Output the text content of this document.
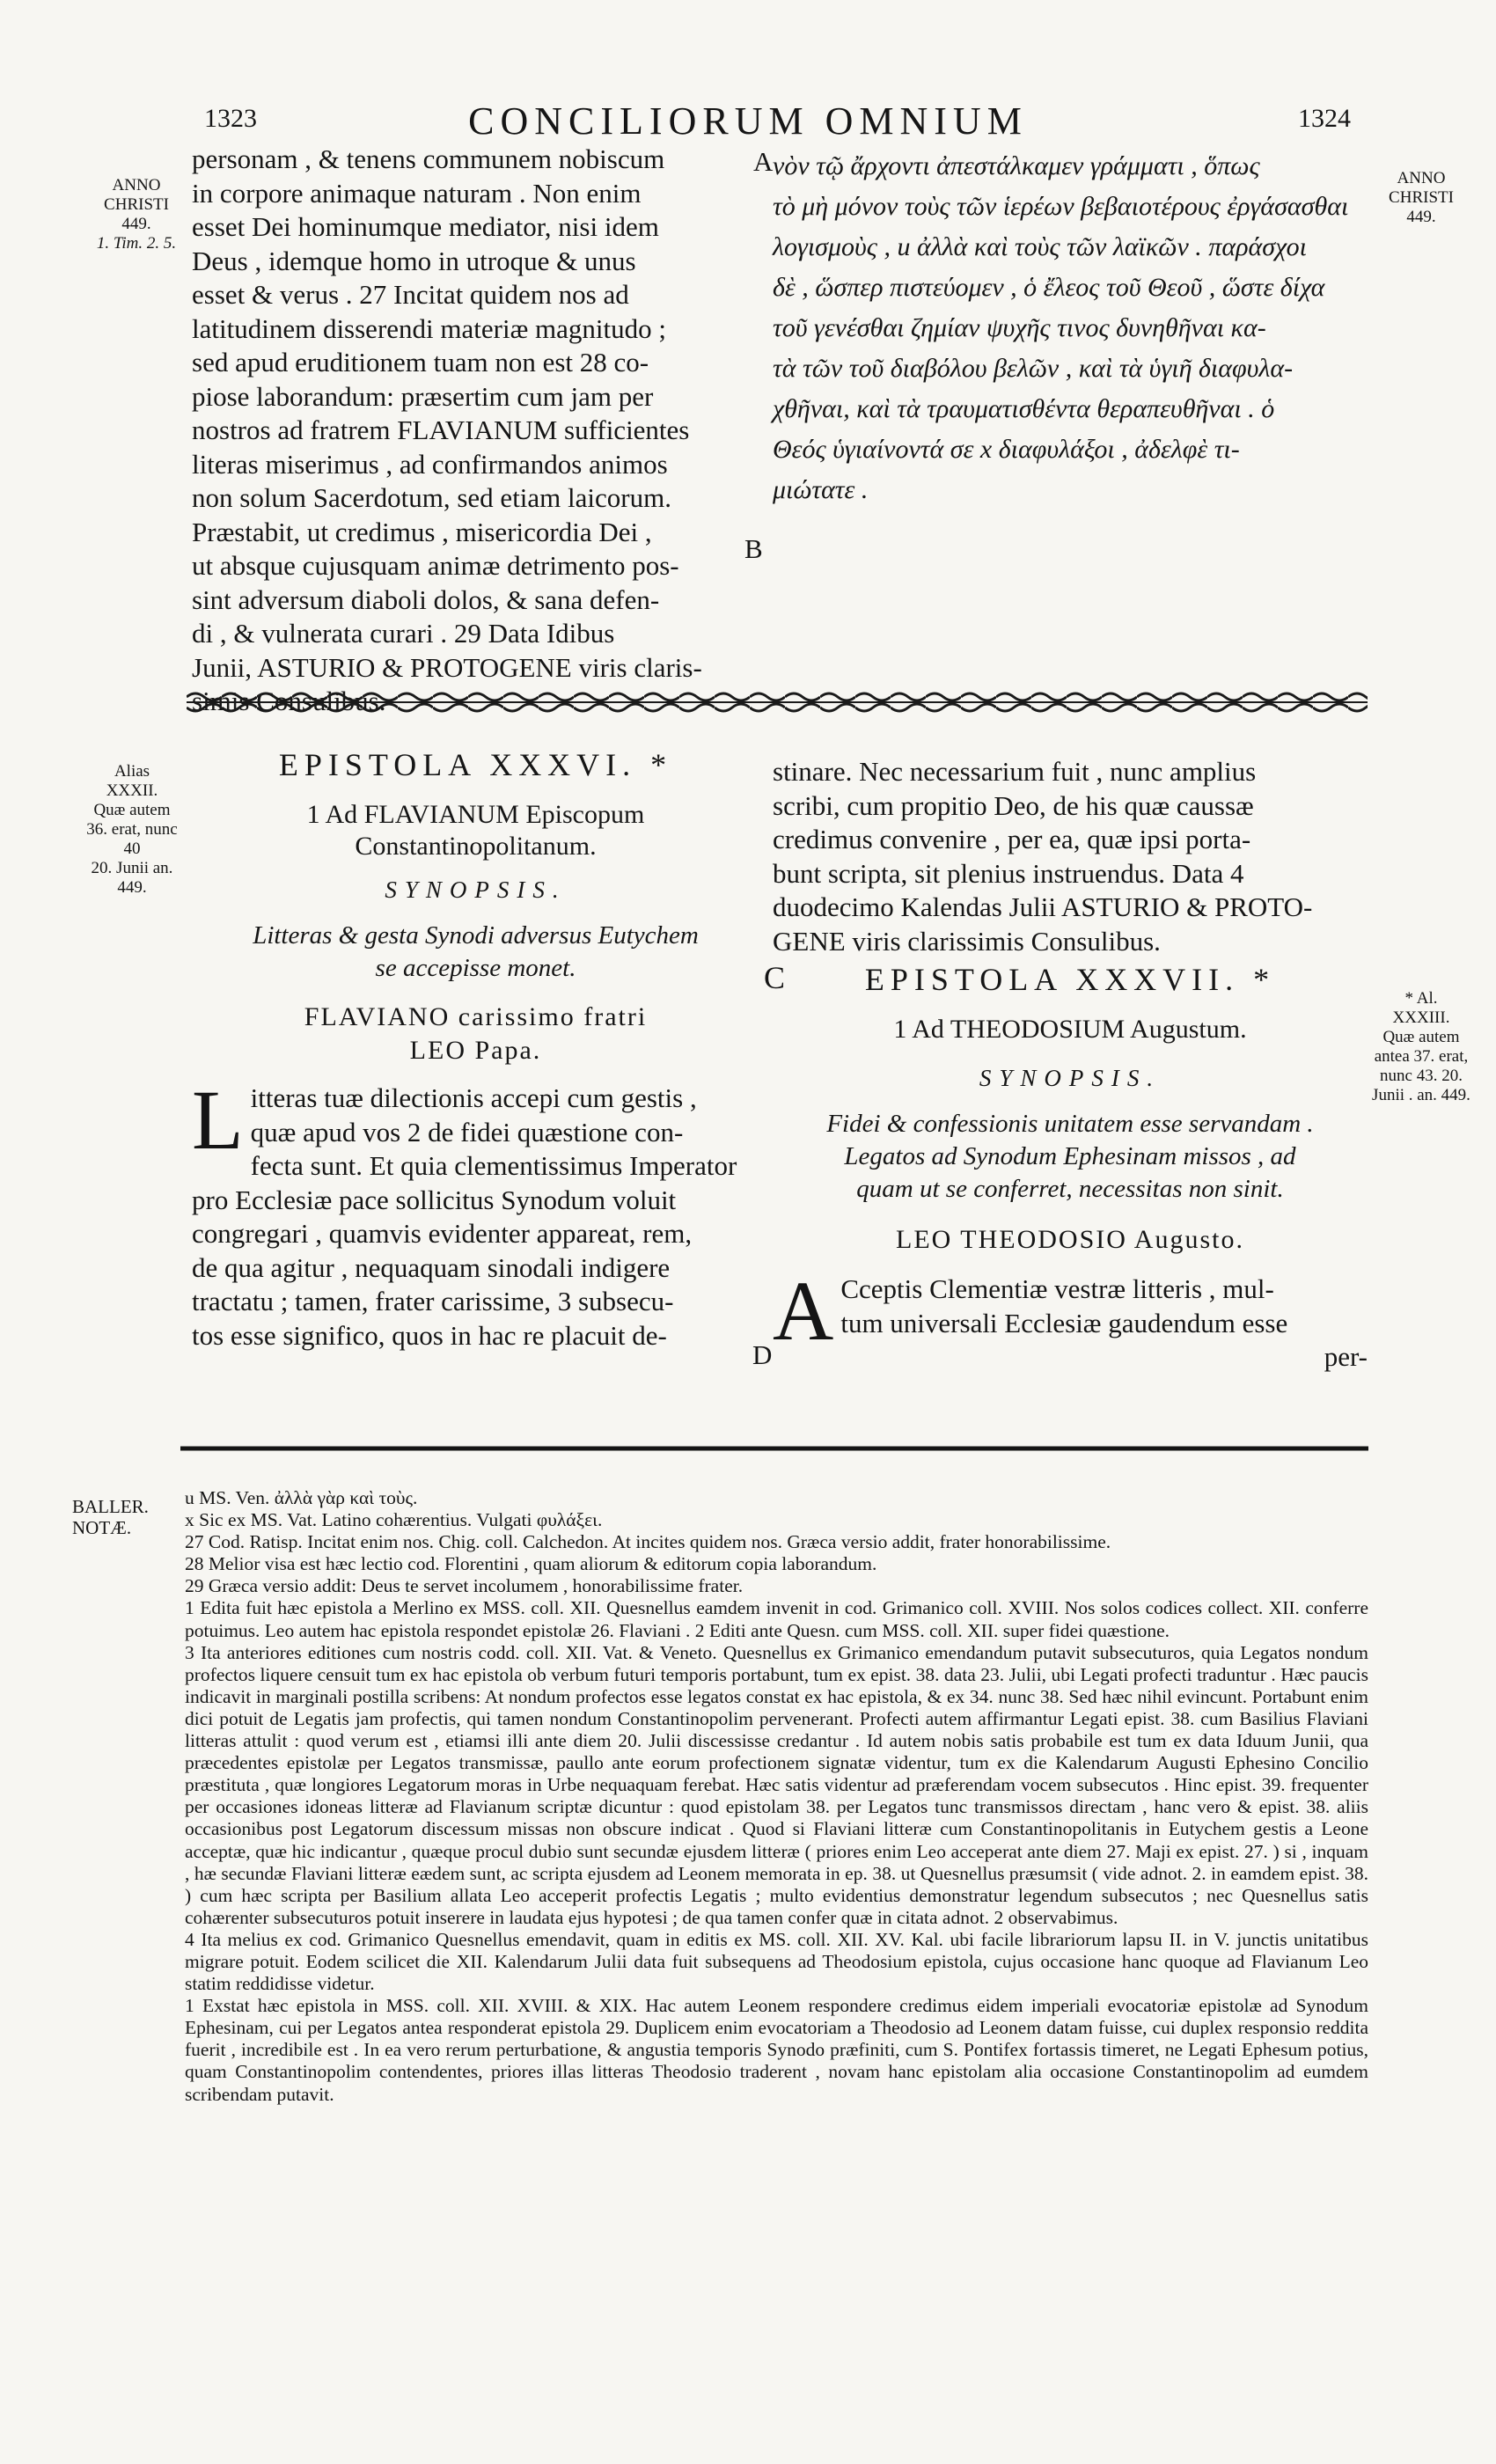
1323	CONCILIORUM OMNIUM	1324
ANNO
CHRISTI
449.
1. Tim. 2. 5.
ANNO
CHRISTI
449.
personam , & tenens communem nobiscum
in corpore animaque naturam . Non enim
esset Dei hominumque mediator, nisi idem
Deus , idemque homo in utroque & unus
esset & verus . 27 Incitat quidem nos ad
latitudinem disserendi materiæ magnitudo ;
sed apud eruditionem tuam non est 28 co-
piose laborandum: præsertim cum jam per
nostros ad fratrem FLAVIANUM sufficientes
literas miserimus , ad confirmandos animos
non solum Sacerdotum, sed etiam laicorum.
Præstabit, ut credimus , misericordia Dei ,
ut absque cujusquam animæ detrimento pos-
sint adversum diaboli dolos, & sana defen-
di , & vulnerata curari . 29 Data Idibus
Junii, ASTURIO & PROTOGENE viris claris-
A
B
C
D
νὸν τῷ ἄρχοντι ἀπεστάλκαμεν γράμματι , ὅπως
τὸ μὴ μόνον τοὺς τῶν ἱερέων βεβαιοτέρους ἐργάσασθαι
λογισμοὺς , u ἀλλὰ καὶ τοὺς τῶν λαϊκῶν . παράσχοι
δὲ , ὥσπερ πιστεύομεν , ὁ ἔλεος τοῦ Θεοῦ , ὥστε δίχα
τοῦ γενέσθαι ζημίαν ψυχῆς τινος δυνηθῆναι κα-
τὰ τῶν τοῦ διαβόλου βελῶν , καὶ τὰ ὑγιῆ διαφυλα-
χθῆναι, καὶ τὰ τραυματισθέντα θεραπευθῆναι . ὁ
Θεός ὑγιαίνοντά σε x διαφυλάξοι , ἀδελφὲ τι-
μιώτατε .
Alias
XXXII.
Quæ autem
36. erat, nunc
40
20. Junii an.
449.
* Al.
XXXIII.
Quæ autem
antea 37. erat,
nunc 43. 20.
Junii . an. 449.
EPISTOLA XXXVI. *
1 Ad FLAVIANUM Episcopum
Constantinopolitanum.
SYNOPSIS.
Litteras & gesta Synodi adversus Eutychem
se accepisse monet.
FLAVIANO carissimo fratri
LEO Papa.
L itteras tuæ dilectionis accepi cum gestis ,
quæ apud vos 2 de fidei quæstione con-
fecta sunt. Et quia clementissimus Imperator
pro Ecclesiæ pace sollicitus Synodum voluit
congregari , quamvis evidenter appareat, rem,
de qua agitur , nequaquam sinodali indigere
tractatu ; tamen, frater carissime, 3 subsecu-
tos esse significo, quos in hac re placuit de-
stinare. Nec necessarium fuit , nunc amplius
scribi, cum propitio Deo, de his quæ caussæ
credimus convenire , per ea, quæ ipsi porta-
bunt scripta, sit plenius instruendus. Data 4
duodecimo Kalendas Julii ASTURIO & PROTO-
GENE viris clarissimis Consulibus.
EPISTOLA XXXVII. *
1 Ad THEODOSIUM Augustum.
SYNOPSIS.
Fidei & confessionis unitatem esse servandam .
Legatos ad Synodum Ephesinam missos , ad
quam ut se conferret, necessitas non sinit.
LEO THEODOSIO Augusto.
A Cceptis Clementiæ vestræ litteris , mul-
tum universali Ecclesiæ gaudendum esse
per-
BALLER.
NOTÆ.

u MS. Ven. ἀλλὰ γὰρ καὶ τοὺς.

x Sic ex MS. Vat. Latino cohærentius. Vulgati φυλάξει.

27 Cod. Ratisp. Incitat enim nos. Chig. coll. Calchedon. At incites quidem nos. Græca versio addit, frater honorabilissime.

28 Melior visa est hæc lectio cod. Florentini , quam aliorum & editorum copia laborandum.

29 Græca versio addit: Deus te servet incolumem , honorabilissime frater.

1 Edita fuit hæc epistola a Merlino ex MSS. coll. XII. Quesnellus eamdem invenit in cod. Grimanico coll. XVIII. Nos solos codices collect. XII. conferre potuimus. Leo autem hac epistola respondet epistolæ 26. Flaviani . 2 Editi ante Quesn. cum MSS. coll. XII. super fidei quæstione.

3 Ita anteriores editiones cum nostris codd. coll. XII. Vat. & Veneto. Quesnellus ex Grimanico emendandum putavit subsecuturos, quia Legatos nondum profectos liquere censuit tum ex hac epistola ob verbum futuri temporis portabunt, tum ex epist. 38. data 23. Julii, ubi Legati profecti traduntur . Hæc paucis indicavit in marginali postilla scribens: At nondum profectos esse legatos constat ex hac epistola, & ex 34. nunc 38. Sed hæc nihil evincunt. Portabunt enim dici potuit de Legatis jam profectis, qui tamen nondum Constantinopolim pervenerant. Profecti autem affirmantur Legati epist. 38. cum Basilius Flaviani litteras attulit : quod verum est , etiamsi illi ante diem 20. Julii discessisse credantur . Id autem nobis satis probabile est tum ex data Iduum Junii, qua præcedentes epistolæ per Legatos transmissæ, paullo ante eorum profectionem signatæ videntur, tum ex die Kalendarum Augusti Ephesino Concilio præstituta , quæ longiores Legatorum moras in Urbe nequaquam ferebat. Hæc satis videntur ad præferendam vocem subsecutos . Hinc epist. 39. frequenter per occasiones idoneas litteræ ad Flavianum scriptæ dicuntur : quod epistolam 38. per Legatos tunc transmissos directam , hanc vero & epist. 38. aliis occasionibus post Legatorum discessum missas non obscure indicat . Quod si Flaviani litteræ cum Constantinopolitanis in Eutychem gestis a Leone acceptæ, quæ hic indicantur , quæque procul dubio sunt secundæ ejusdem litteræ ( priores enim Leo acceperat ante diem 27. Maji ex epist. 27. ) si , inquam , hæ secundæ Flaviani litteræ eædem sunt, ac scripta ejusdem ad Leonem memorata in ep. 38. ut Quesnellus præsumsit ( vide adnot. 2. in eamdem epist. 38. ) cum hæc scripta per Basilium allata Leo acceperit profectis Legatis ; multo evidentius demonstratur legendum subsecutos ; nec Quesnellus satis cohærenter subsecuturos potuit inserere in laudata ejus hypotesi ; de qua tamen confer quæ in citata adnot. 2 observabimus.

4 Ita melius ex cod. Grimanico Quesnellus emendavit, quam in editis ex MS. coll. XII. XV. Kal. ubi facile librariorum lapsu II. in V. junctis unitatibus migrare potuit. Eodem scilicet die XII. Kalendarum Julii data fuit subsequens ad Theodosium epistola, cujus occasione hanc quoque ad Flavianum Leo statim reddidisse videtur.

1 Exstat hæc epistola in MSS. coll. XII. XVIII. & XIX. Hac autem Leonem respondere credimus eidem imperiali evocatoriæ epistolæ ad Synodum Ephesinam, cui per Legatos antea responderat epistola 29. Duplicem enim evocatoriam a Theodosio ad Leonem datam fuisse, cui duplex responsio reddita fuerit , incredibile est . In ea vero rerum perturbatione, & angustia temporis Synodo præfiniti, cum S. Pontifex fortassis timeret, ne Legati Ephesum potius, quam Constantinopolim contendentes, priores illas litteras Theodosio traderent , novam hanc epistolam alia occasione Constantinopolim ad eumdem scribendam putavit.
